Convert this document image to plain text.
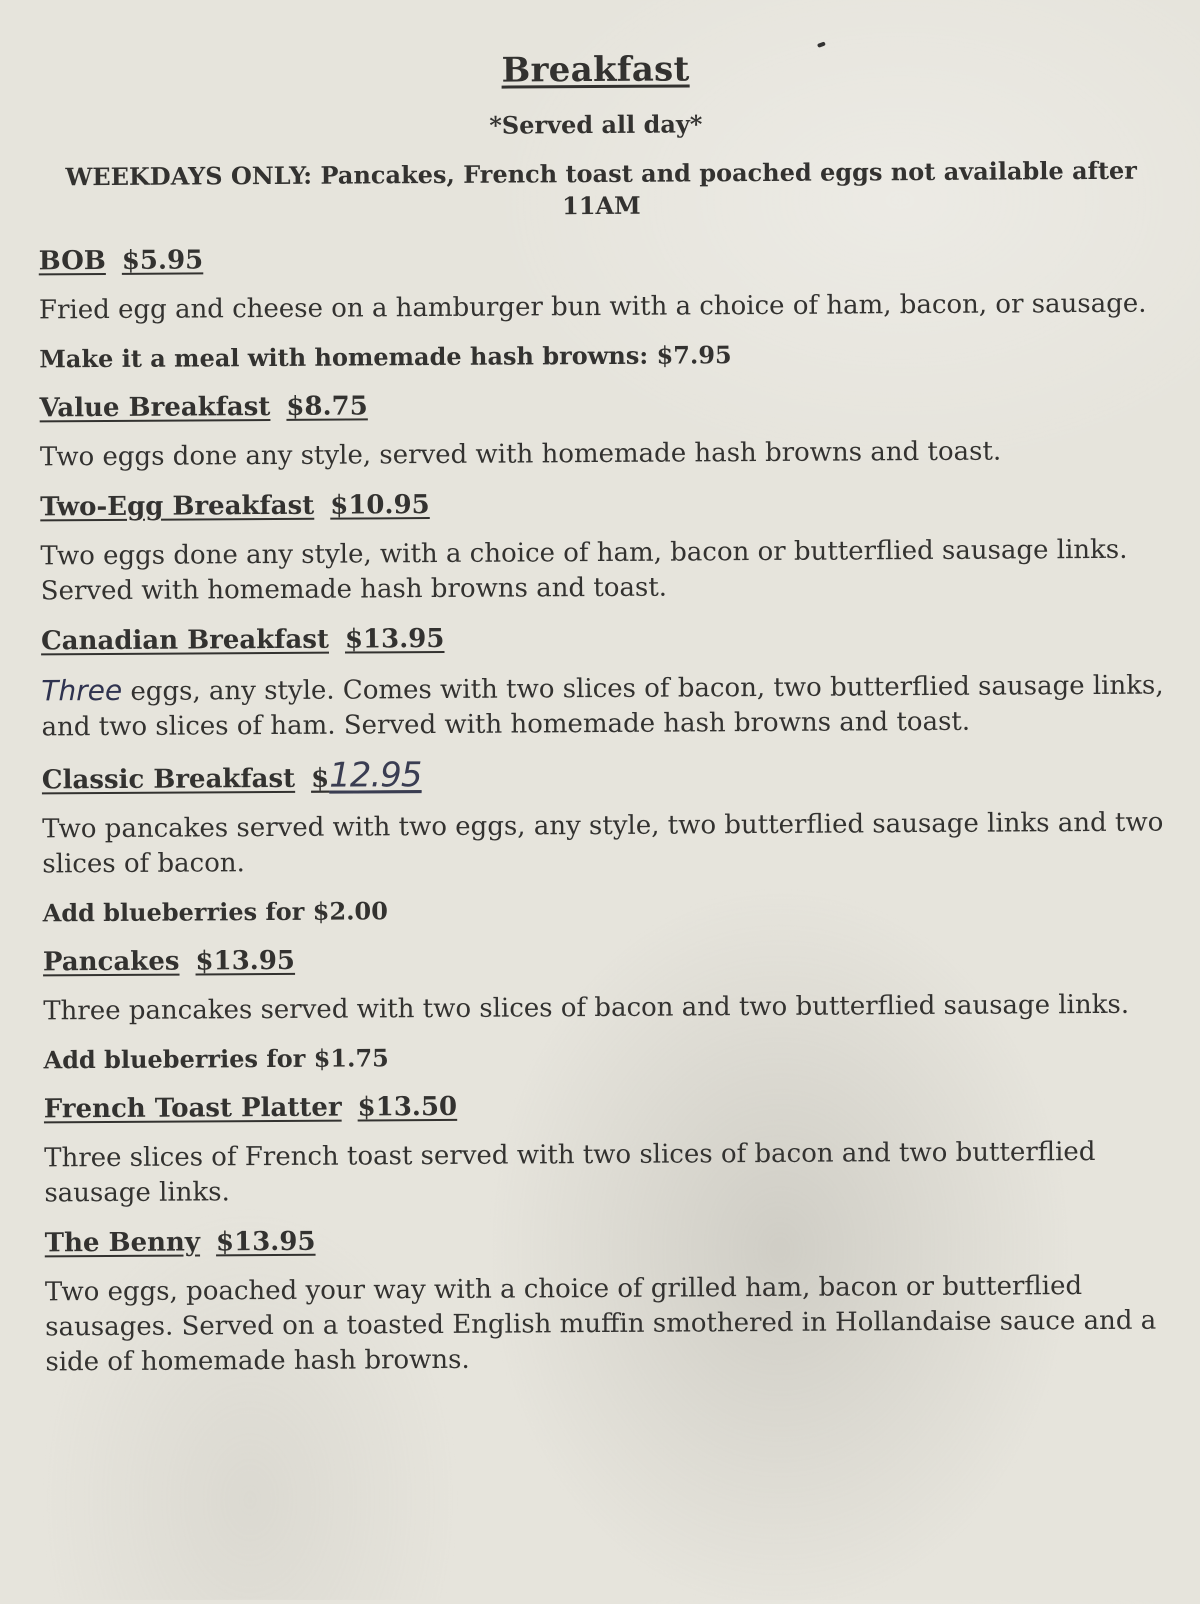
Breakfast
*Served all day*
WEEKDAYS ONLY: Pancakes, French toast and poached eggs not available after
11AM
BOB $5.95
Fried egg and cheese on a hamburger bun with a choice of ham, bacon, or sausage.
Make it a meal with homemade hash browns: $7.95
Value Breakfast $8.75
Two eggs done any style, served with homemade hash browns and toast.
Two-Egg Breakfast $10.95
Two eggs done any style, with a choice of ham, bacon or butterflied sausage links. Served with homemade hash browns and toast.
Canadian Breakfast $13.95
Three eggs, any style. Comes with two slices of bacon, two butterflied sausage links, and two slices of ham. Served with homemade hash browns and toast.
Classic Breakfast $12.95
Two pancakes served with two eggs, any style, two butterflied sausage links and two slices of bacon.
Add blueberries for $2.00
Pancakes $13.95
Three pancakes served with two slices of bacon and two butterflied sausage links.
Add blueberries for $1.75
French Toast Platter $13.50
Three slices of French toast served with two slices of bacon and two butterflied sausage links.
The Benny $13.95
Two eggs, poached your way with a choice of grilled ham, bacon or butterflied sausages. Served on a toasted English muffin smothered in Hollandaise sauce and a side of homemade hash browns.
